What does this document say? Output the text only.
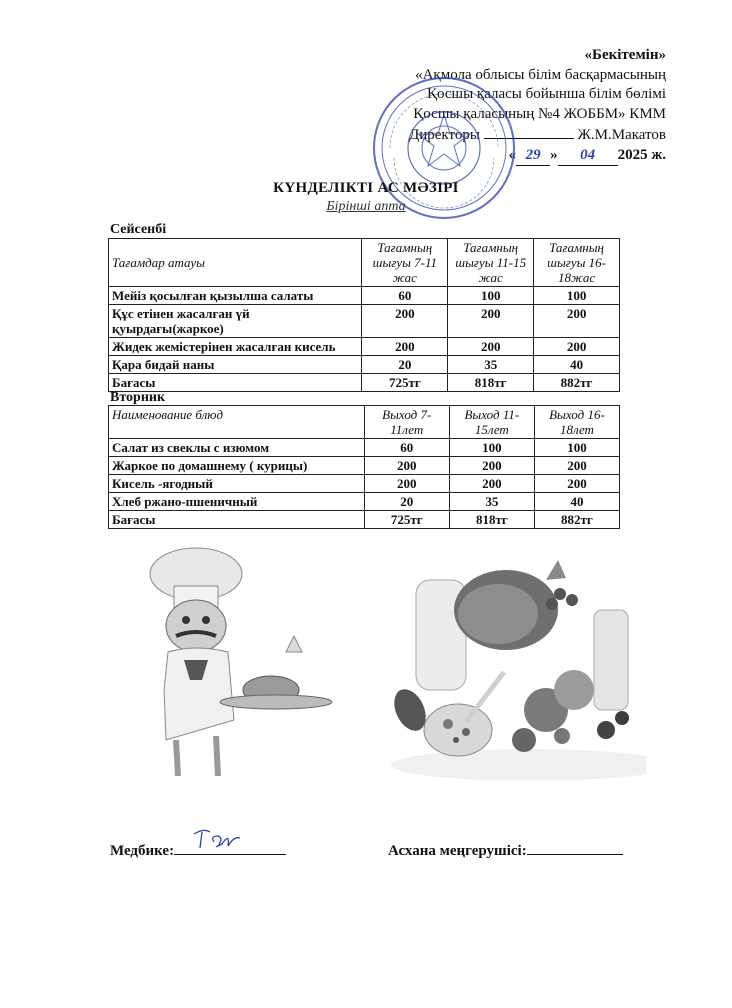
«Бекітемін»
«Ақмола облысы білім басқармасының
Қосшы қаласы бойынша білім бөлімі
Қосшы қаласының №4 ЖОББМ» КММ
Директоры	Ж.М.Макатов
« 29 » 04 2025 ж.
КҮНДЕЛІКТІ АС МӘЗІРІ
Бірінші апта
Сейсенбі
Тағамдар атауы	Тағамның шығуы 7-11 жас	Тағамның шығуы 11-15 жас	Тағамның шығуы 16-18жас
Мейіз қосылған қызылша салаты	60	100	100
Құс етінен жасалған үй қуырдағы(жаркое)	200	200	200
Жидек жемістерінен жасалған кисель	200	200	200
Қара бидай наны	20	35	40
Бағасы	725тг	818тг	882тг
Вторник
Наименование блюд	Выход 7-11лет	Выход 11-15лет	Выход 16-18лет
Салат из свеклы с изюмом	60	100	100
Жаркое по домашнему ( курицы)	200	200	200
Кисель -ягодный	200	200	200
Хлеб ржано-пшеничный	20	35	40
Бағасы	725тг	818тг	882тг
Медбике:	Асхана меңгерушісі:
